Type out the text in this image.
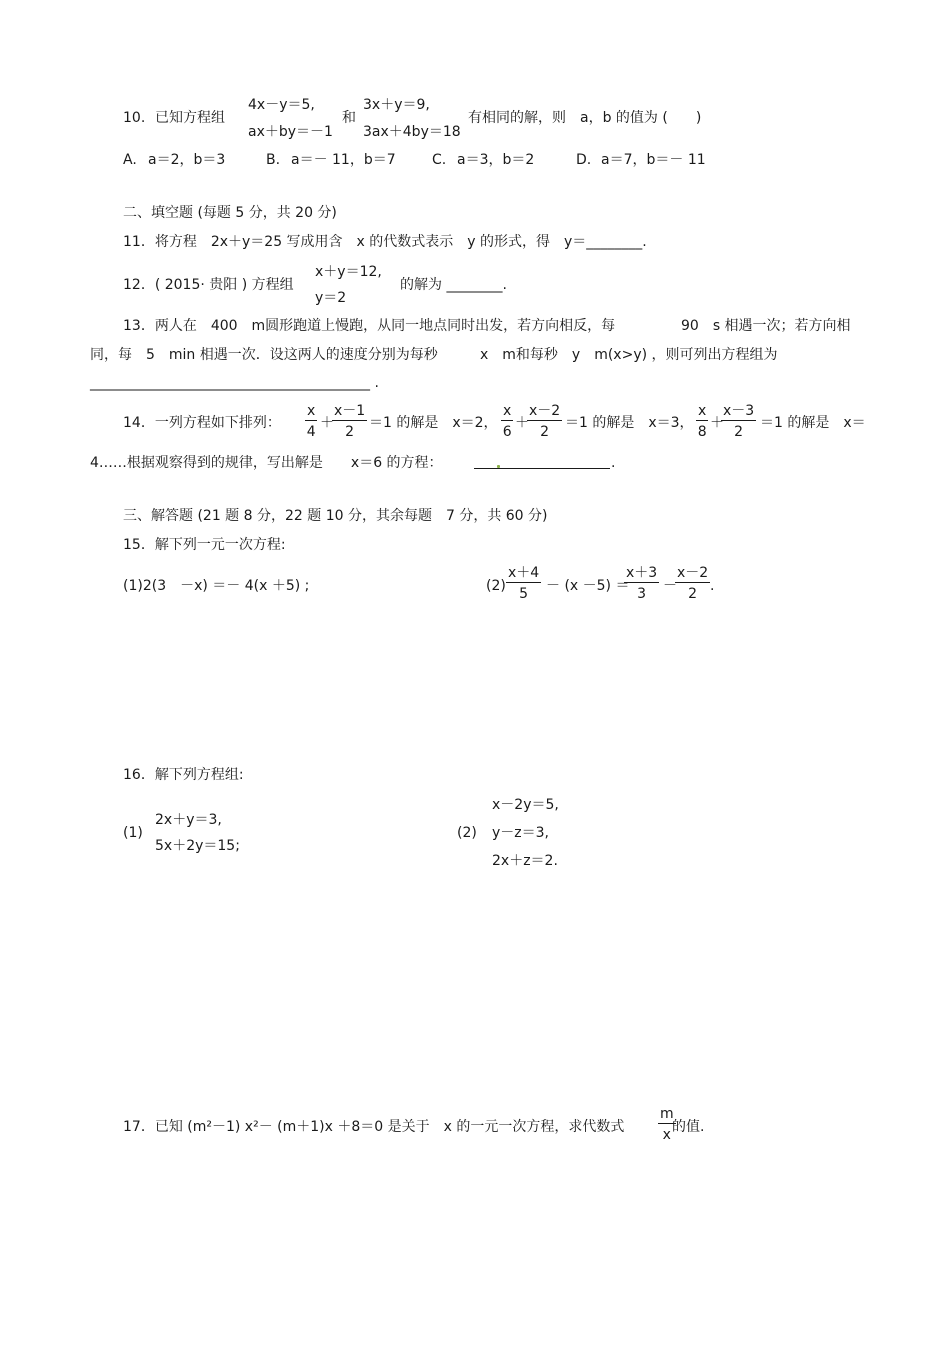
10. 已知方程组
4x－y＝5,
ax＋by＝－1
和
3x＋y＝9,
3ax＋4by＝18
有相同的解，则　a，b 的值为 (　　)
A. a＝2，b＝3	B. a＝－ 11，b＝7	C. a＝3，b＝2	D. a＝7，b＝－ 11
二、填空题 (每题 5 分，共 20 分)
11．将方程　2x＋y＝25 写成用含　x 的代数式表示　y 的形式，得　y＝________.
12．( 2015· 贵阳 ) 方程组
x＋y＝12,
y＝2
的解为 ________.
13．两人在　400　m圆形跑道上慢跑，从同一地点同时出发，若方向相反，每	90　s 相遇一次；若方向相
同，每　5　min 相遇一次．设这两人的速度分别为每秒	x　m和每秒　y　m(x>y) ，则可列出方程组为
________________________________________ .
14．一列方程如下排列： $\frac{x}{4}$ ＋
$\frac{x-1}{2} =1$ 的解是　x＝2， $\frac{x}{6}$ ＋
$\frac{x-2}{2} =1$ 的解是　x＝3， $\frac{x}{8}$ ＋
$\frac{x-3}{2} =1$ 的解是　x＝
4……根据观察得到的规律，写出解是　　x＝6 的方程：	.
三、解答题 (21 题 8 分，22 题 10 分，其余每题　7 分，共 60 分)
15．解下列一元一次方程:
(1)2(3　－x) ＝－ 4(x ＋5) ;	$(2) \frac{x+4}{5} - (x -5)$ ＝
$\frac{x+3}{3}$ －
$\frac{x-2}{2}$ .
16．解下列方程组:
(1)
2x＋y＝3,
5x＋2y＝15;
(2)
x－2y＝5,
y－z＝3,
2x＋z＝2.
17．已知 (m²－1) x²－ (m＋1)x ＋8＝0 是关于　x 的一元一次方程，求代数式 $\frac{m}{x}$
的值.
